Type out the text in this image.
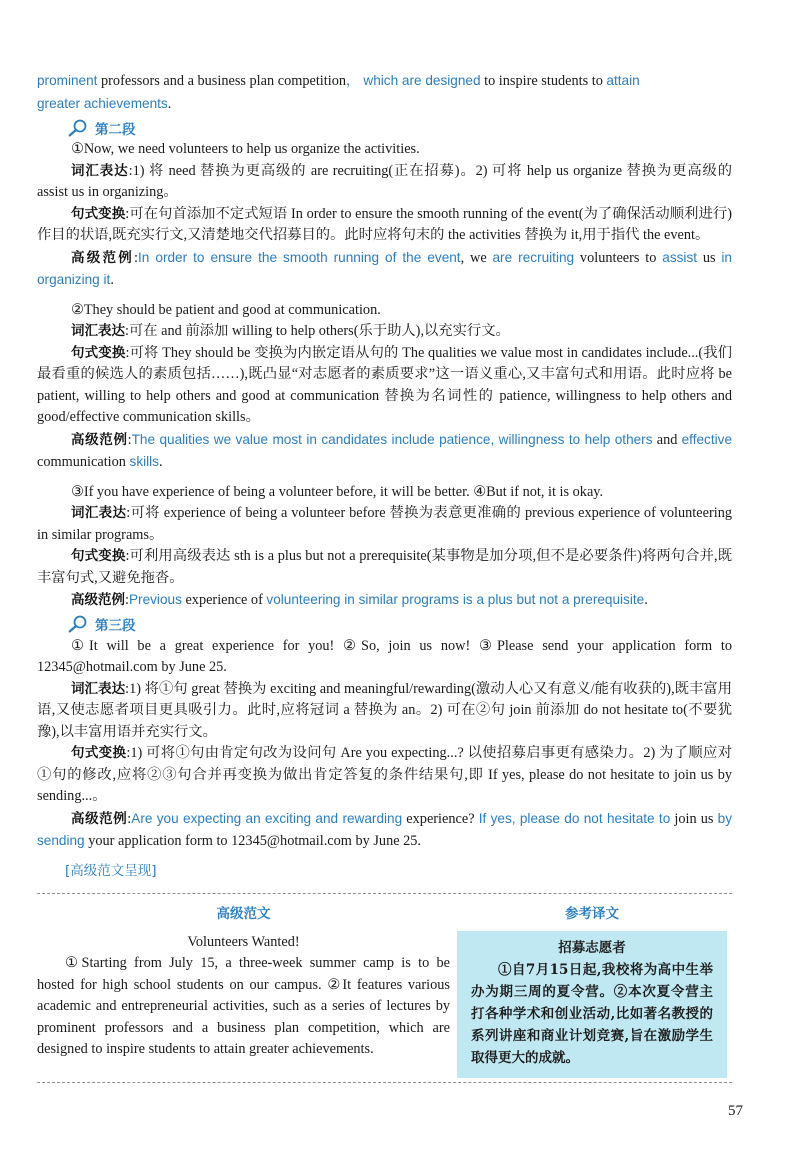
prominent professors and a business plan competition， which are designed to inspire students to attain
greater achievements.

第二段

①Now, we need volunteers to help us organize the activities.

词汇表达:1) 将 need 替换为更高级的 are recruiting(正在招募)。2) 可将 help us organize 替换为更高级的 assist us in organizing。

句式变换:可在句首添加不定式短语 In order to ensure the smooth running of the event(为了确保活动顺利进行)作目的状语,既充实行文,又清楚地交代招募目的。此时应将句末的 the activities 替换为 it,用于指代 the event。

高级范例:In order to ensure the smooth running of the event, we are recruiting volunteers to assist us in organizing it.

②They should be patient and good at communication.

词汇表达:可在 and 前添加 willing to help others(乐于助人),以充实行文。

句式变换:可将 They should be 变换为内嵌定语从句的 The qualities we value most in candidates include...(我们最看重的候选人的素质包括……),既凸显“对志愿者的素质要求”这一语义重心,又丰富句式和用语。此时应将 be patient, willing to help others and good at communication 替换为名词性的 patience, willingness to help others and good/effective communication skills。

高级范例:The qualities we value most in candidates include patience, willingness to help others and effective communication skills.

③If you have experience of being a volunteer before, it will be better. ④But if not, it is okay.

词汇表达:可将 experience of being a volunteer before 替换为表意更准确的 previous experience of volunteering in similar programs。

句式变换:可利用高级表达 sth is a plus but not a prerequisite(某事物是加分项,但不是必要条件)将两句合并,既丰富句式,又避免拖沓。

高级范例:Previous experience of volunteering in similar programs is a plus but not a prerequisite.

第三段

①It will be a great experience for you! ②So, join us now! ③Please send your application form to 12345@hotmail.com by June 25.

词汇表达:1) 将①句 great 替换为 exciting and meaningful/rewarding(激动人心又有意义/能有收获的),既丰富用语,又使志愿者项目更具吸引力。此时,应将冠词 a 替换为 an。2) 可在②句 join 前添加 do not hesitate to(不要犹豫),以丰富用语并充实行文。

句式变换:1) 可将①句由肯定句改为设问句 Are you expecting...? 以使招募启事更有感染力。2) 为了顺应对①句的修改,应将②③句合并再变换为做出肯定答复的条件结果句,即 If yes, please do not hesitate to join us by sending...。

高级范例:Are you expecting an exciting and rewarding experience? If yes, please do not hesitate to join us by sending your application form to 12345@hotmail.com by June 25.

[高级范文呈现]
高级范文
Volunteers Wanted!

①Starting from July 15, a three-week summer camp is to be hosted for high school students on our campus. ②It features various academic and entrepreneurial activities, such as a series of lectures by prominent professors and a business plan competition, which are designed to inspire students to attain greater achievements.

参考译文
招募志愿者

①自7月15日起,我校将为高中生举办为期三周的夏令营。②本次夏令营主打各种学术和创业活动,比如著名教授的系列讲座和商业计划竞赛,旨在激励学生取得更大的成就。

57
